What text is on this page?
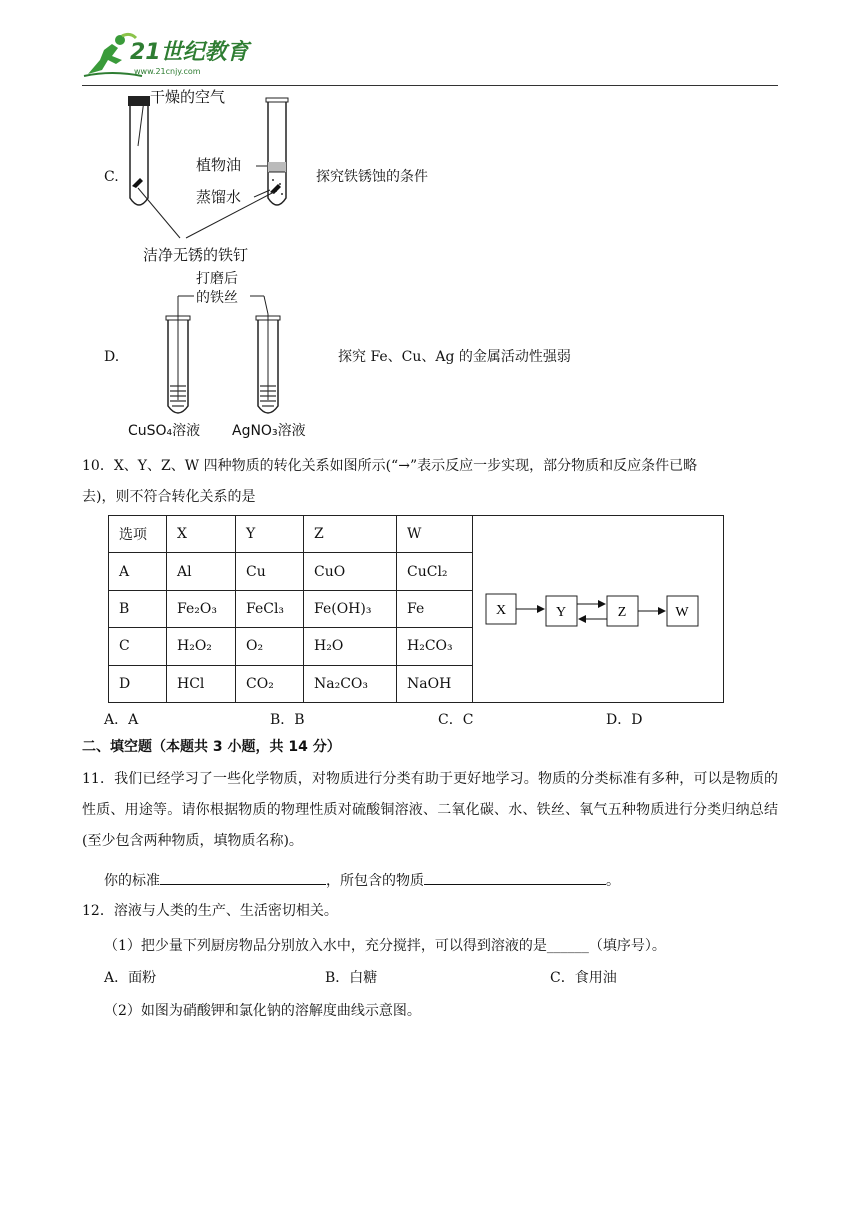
21世纪教育
www.21cnjy.com
C.
干燥的空气
植物油
蒸馏水
洁净无锈的铁钉
探究铁锈蚀的条件
D.
打磨后
的铁丝
CuSO₄溶液 AgNO₃溶液
探究 Fe、Cu、Ag 的金属活动性强弱
10．X、Y、Z、W 四种物质的转化关系如图所示(“→”表示反应一步实现，部分物质和反应条件已略
去)，则不符合转化关系的是
选项	X	Y	Z	W	X Y Z W

A	Al	Cu	CuO	CuCl₂	
B	Fe₂O₃	FeCl₃	Fe(OH)₃	Fe	
C	H₂O₂	O₂	H₂O	H₂CO₃	
D	HCl	CO₂	Na₂CO₃	NaOH	
A．A	B．B	C．C	D．D
二、填空题（本题共 3 小题，共 14 分）
11．我们已经学习了一些化学物质，对物质进行分类有助于更好地学习。物质的分类标准有多种，可以是物质的性质、用途等。请你根据物质的物理性质对硫酸铜溶液、二氧化碳、水、铁丝、氧气五种物质进行分类归纳总结(至少包含两种物质，填物质名称)。
你的标准	，所包含的物质	。
12．溶液与人类的生产、生活密切相关。
（1）把少量下列厨房物品分别放入水中，充分搅拌，可以得到溶液的是______（填序号）。
A．面粉	B．白糖	C．食用油
（2）如图为硝酸钾和氯化钠的溶解度曲线示意图。
